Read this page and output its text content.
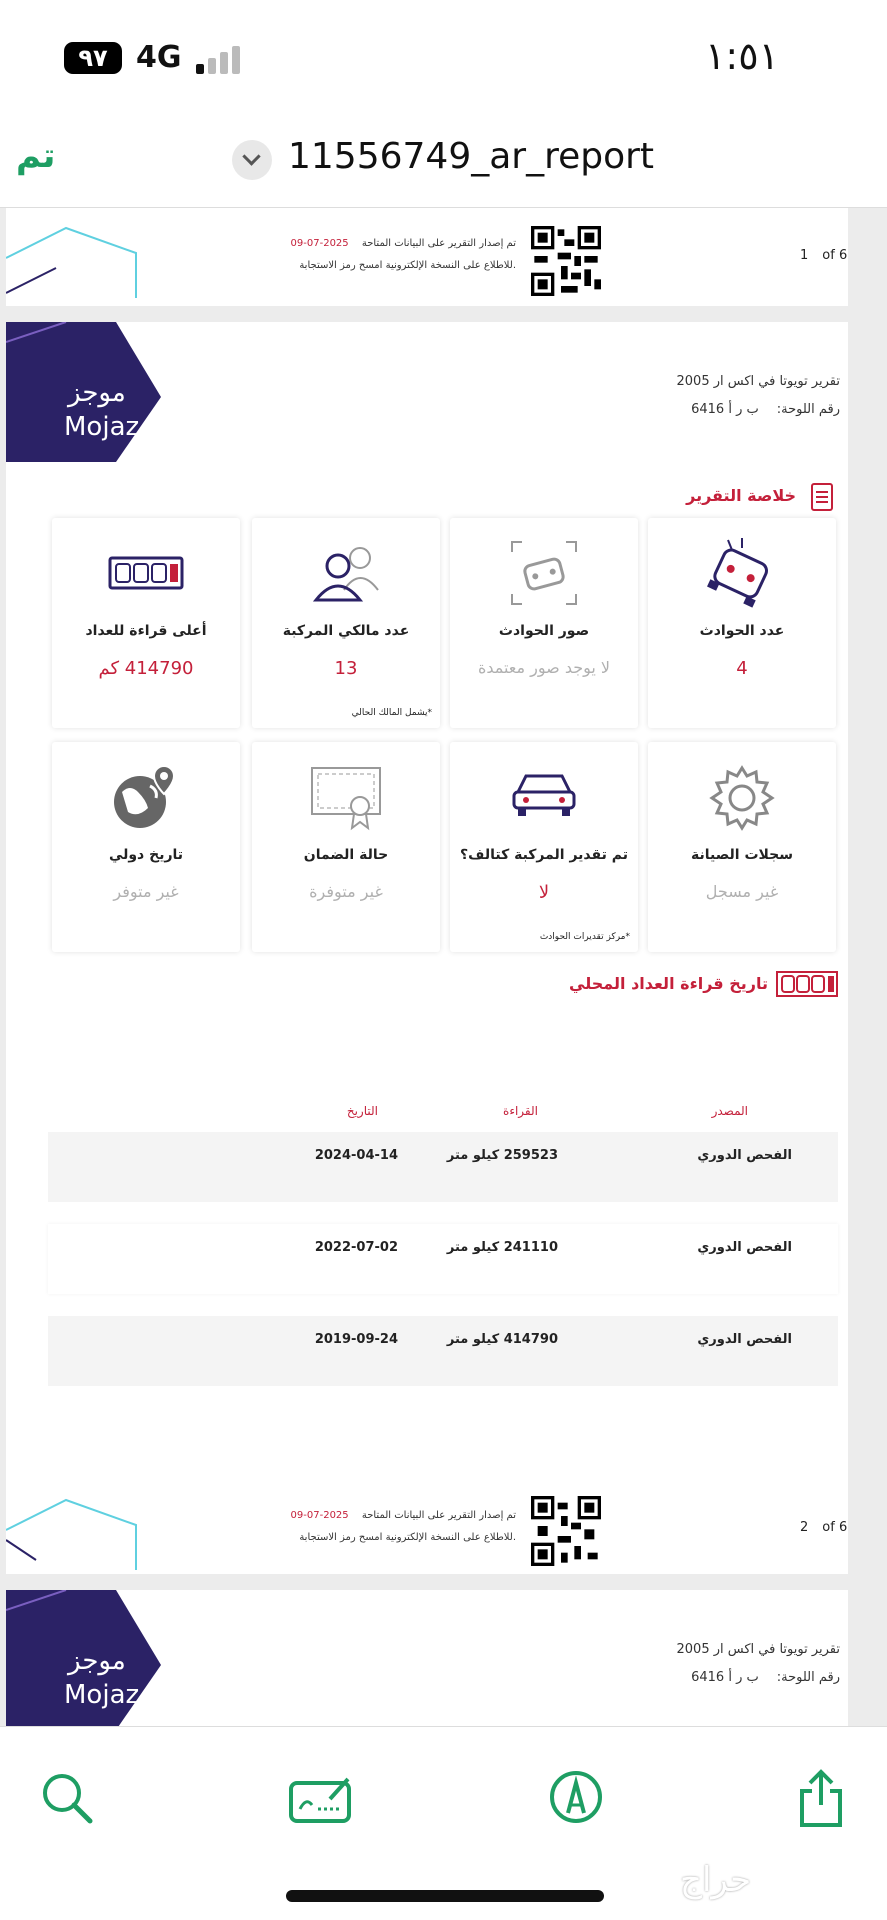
٩٧ 4G	١:٥١
تم	11556749_ar_report
تم إصدار التقرير على البيانات المتاحة 2025-07-09
للاطلاع على النسخة الإلكترونية امسح رمز الاستجابة.
1 of 6
موجز
Mojaz
تقرير تويوتا في اكس ار 2005
رقم اللوحة:ب ر أ 6416
خلاصة التقرير
عدد الحوادث
4
صور الحوادث
لا يوجد صور معتمدة
عدد مالكي المركبة
13
*يشمل المالك الحالي
أعلى قراءة للعداد
414790 كم
سجلات الصيانة
غير مسجل
تم تقدير المركبة كتالف؟
لا
*مركز تقديرات الحوادث
حالة الضمان
غير متوفرة
تاريخ دولي
غير متوفر
تاريخ قراءة العداد المحلي
المصدر
القراءة
التاريخ
الفحص الدوري
259523 كيلو متر
2024-04-14
الفحص الدوري
241110 كيلو متر
2022-07-02
الفحص الدوري
414790 كيلو متر
2019-09-24
تم إصدار التقرير على البيانات المتاحة 2025-07-09
للاطلاع على النسخة الإلكترونية امسح رمز الاستجابة.
2 of 6
موجز
Mojaz
تقرير تويوتا في اكس ار 2005
رقم اللوحة:ب ر أ 6416
حراج
